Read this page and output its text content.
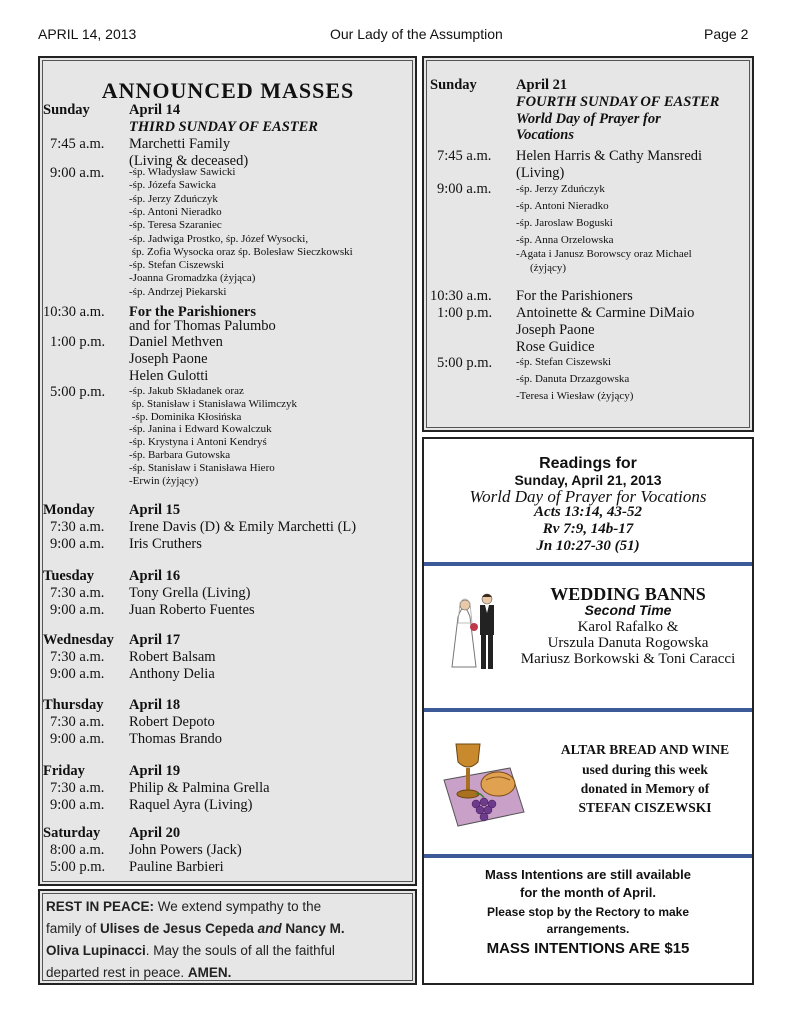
APRIL 14, 2013	Our Lady of the Assumption	Page 2
ANNOUNCED MASSES
Sunday	April 14
THIRD SUNDAY OF EASTER
7:45 a.m. Marchetti Family
(Living & deceased)
9:00 a.m. -śp. Władysław Sawicki
-śp. Józefa Sawicka
-śp. Jerzy Zduńczyk
-śp. Antoni Nieradko
-śp. Teresa Szaraniec
-śp. Jadwiga Prostko, śp. Józef Wysocki,
śp. Zofia Wysocka oraz śp. Bolesław Sieczkowski
-śp. Stefan Ciszewski
-Joanna Gromadzka (żyjąca)
-śp. Andrzej Piekarski
10:30 a.m. For the Parishioners
and for Thomas Palumbo
1:00 p.m. Daniel Methven
Joseph Paone
Helen Gulotti
5:00 p.m. -śp. Jakub Składanek oraz
śp. Stanisław i Stanisława Wilimczyk
-śp. Dominika Kłosińska
-śp. Janina i Edward Kowalczuk
-śp. Krystyna i Antoni Kendryś
-śp. Barbara Gutowska
-śp. Stanisław i Stanisława Hiero
-Erwin (żyjący)
Monday April 15
7:30 a.m. Irene Davis (D) & Emily Marchetti (L)
9:00 a.m. Iris Cruthers
Tuesday April 16
7:30 a.m. Tony Grella (Living)
9:00 a.m. Juan Roberto Fuentes
Wednesday April 17
7:30 a.m. Robert Balsam
9:00 a.m. Anthony Delia
Thursday April 18
7:30 a.m. Robert Depoto
9:00 a.m. Thomas Brando
Friday	April 19
7:30 a.m. Philip & Palmina Grella
9:00 a.m. Raquel Ayra (Living)
Saturday April 20
8:00 a.m. John Powers (Jack)
5:00 p.m. Pauline Barbieri
REST IN PEACE: We extend sympathy to the
family of Ulises de Jesus Cepeda and Nancy M.
Oliva Lupinacci. May the souls of all the faithful
departed rest in peace. AMEN.
Sunday	April 21
FOURTH SUNDAY OF EASTER
World Day of Prayer for
Vocations
7:45 a.m. Helen Harris & Cathy Mansredi
(Living)
9:00 a.m. -śp. Jerzy Zduńczyk
-śp. Antoni Nieradko
-śp. Jaroslaw Boguski
-śp. Anna Orzelowska
-Agata i Janusz Borowscy oraz Michael
(żyjący)
10:30 a.m. For the Parishioners
1:00 p.m. Antoinette & Carmine DiMaio
Joseph Paone
Rose Guidice
5:00 p.m. -śp. Stefan Ciszewski
-śp. Danuta Drzazgowska
-Teresa i Wiesław (żyjący)
Readings for
Sunday, April 21, 2013
World Day of Prayer for Vocations
Acts 13:14, 43-52
Rv 7:9, 14b-17
Jn 10:27-30 (51)
WEDDING BANNS
Second Time
Karol Rafalko &
Urszula Danuta Rogowska
Mariusz Borkowski & Toni Caracci
ALTAR BREAD AND WINE
used during this week
donated in Memory of
STEFAN CISZEWSKI
Mass Intentions are still available
for the month of April.
Please stop by the Rectory to make
arrangements.
MASS INTENTIONS ARE $15
